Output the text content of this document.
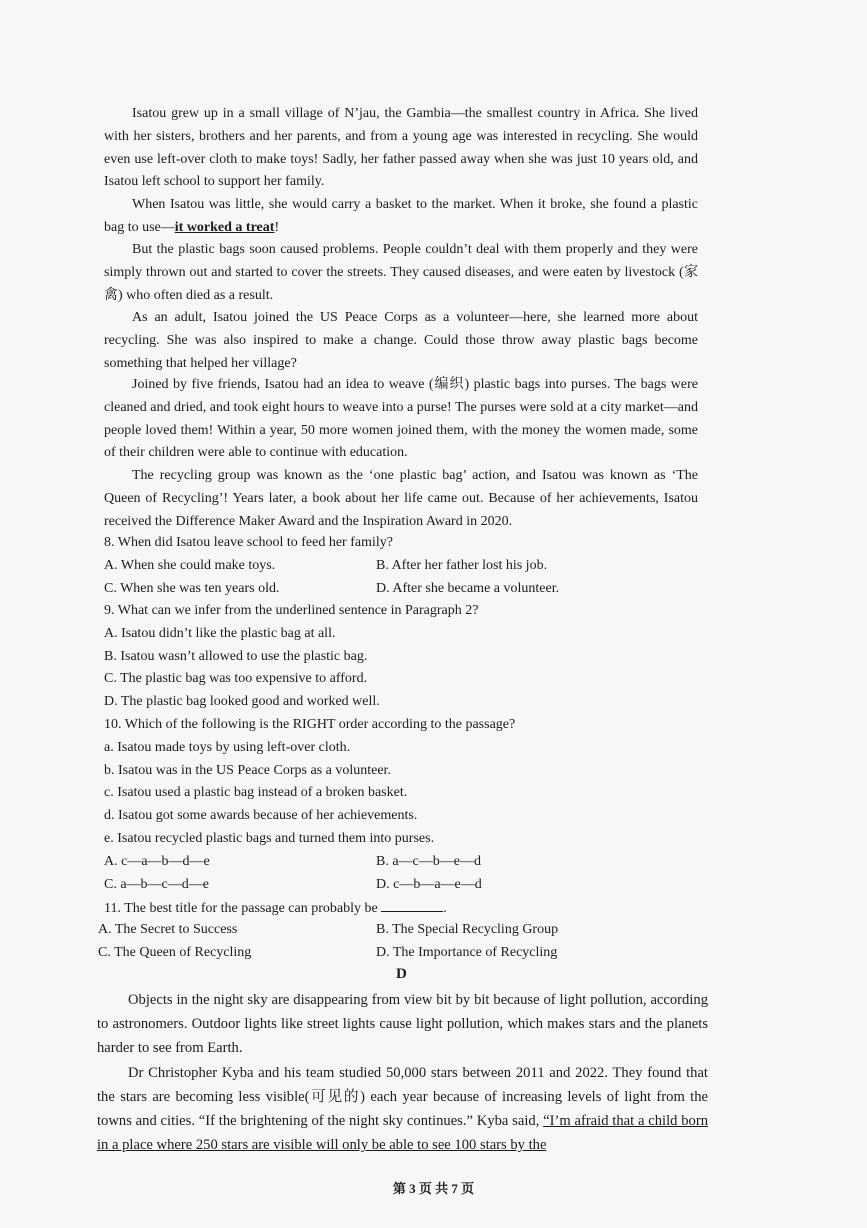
Isatou grew up in a small village of N’jau, the Gambia—the smallest country in Africa. She lived with her sisters, brothers and her parents, and from a young age was interested in recycling. She would even use left-over cloth to make toys! Sadly, her father passed away when she was just 10 years old, and Isatou left school to support her family.

When Isatou was little, she would carry a basket to the market. When it broke, she found a plastic bag to use—it worked a treat!

But the plastic bags soon caused problems. People couldn’t deal with them properly and they were simply thrown out and started to cover the streets. They caused diseases, and were eaten by livestock (家禽) who often died as a result.

As an adult, Isatou joined the US Peace Corps as a volunteer—here, she learned more about recycling. She was also inspired to make a change. Could those throw away plastic bags become something that helped her village?

Joined by five friends, Isatou had an idea to weave (编织) plastic bags into purses. The bags were cleaned and dried, and took eight hours to weave into a purse! The purses were sold at a city market—and people loved them! Within a year, 50 more women joined them, with the money the women made, some of their children were able to continue with education.

The recycling group was known as the ‘one plastic bag’ action, and Isatou was known as ‘The Queen of Recycling’! Years later, a book about her life came out. Because of her achievements, Isatou received the Difference Maker Award and the Inspiration Award in 2020.

8. When did Isatou leave school to feed her family?
A. When she could make toys.	B. After her father lost his job.
C. When she was ten years old.	D. After she became a volunteer.
9. What can we infer from the underlined sentence in Paragraph 2?
A. Isatou didn’t like the plastic bag at all.
B. Isatou wasn’t allowed to use the plastic bag.
C. The plastic bag was too expensive to afford.
D. The plastic bag looked good and worked well.
10. Which of the following is the RIGHT order according to the passage?
a. Isatou made toys by using left-over cloth.
b. Isatou was in the US Peace Corps as a volunteer.
c. Isatou used a plastic bag instead of a broken basket.
d. Isatou got some awards because of her achievements.
e. Isatou recycled plastic bags and turned them into purses.
A. c—a—b—d—e	B. a—c—b—e—d
C. a—b—c—d—e	D. c—b—a—e—d
11. The best title for the passage can probably be	.
A. The Secret to Success	B. The Special Recycling Group
C. The Queen of Recycling	D. The Importance of Recycling
D

Objects in the night sky are disappearing from view bit by bit because of light pollution, according to astronomers. Outdoor lights like street lights cause light pollution, which makes stars and the planets harder to see from Earth.

Dr Christopher Kyba and his team studied 50,000 stars between 2011 and 2022. They found that the stars are becoming less visible(可见的) each year because of increasing levels of light from the towns and cities. “If the brightening of the night sky continues.” Kyba said, “I’m afraid that a child born in a place where 250 stars are visible will only be able to see 100 stars by the

第 3 页 共 7 页
